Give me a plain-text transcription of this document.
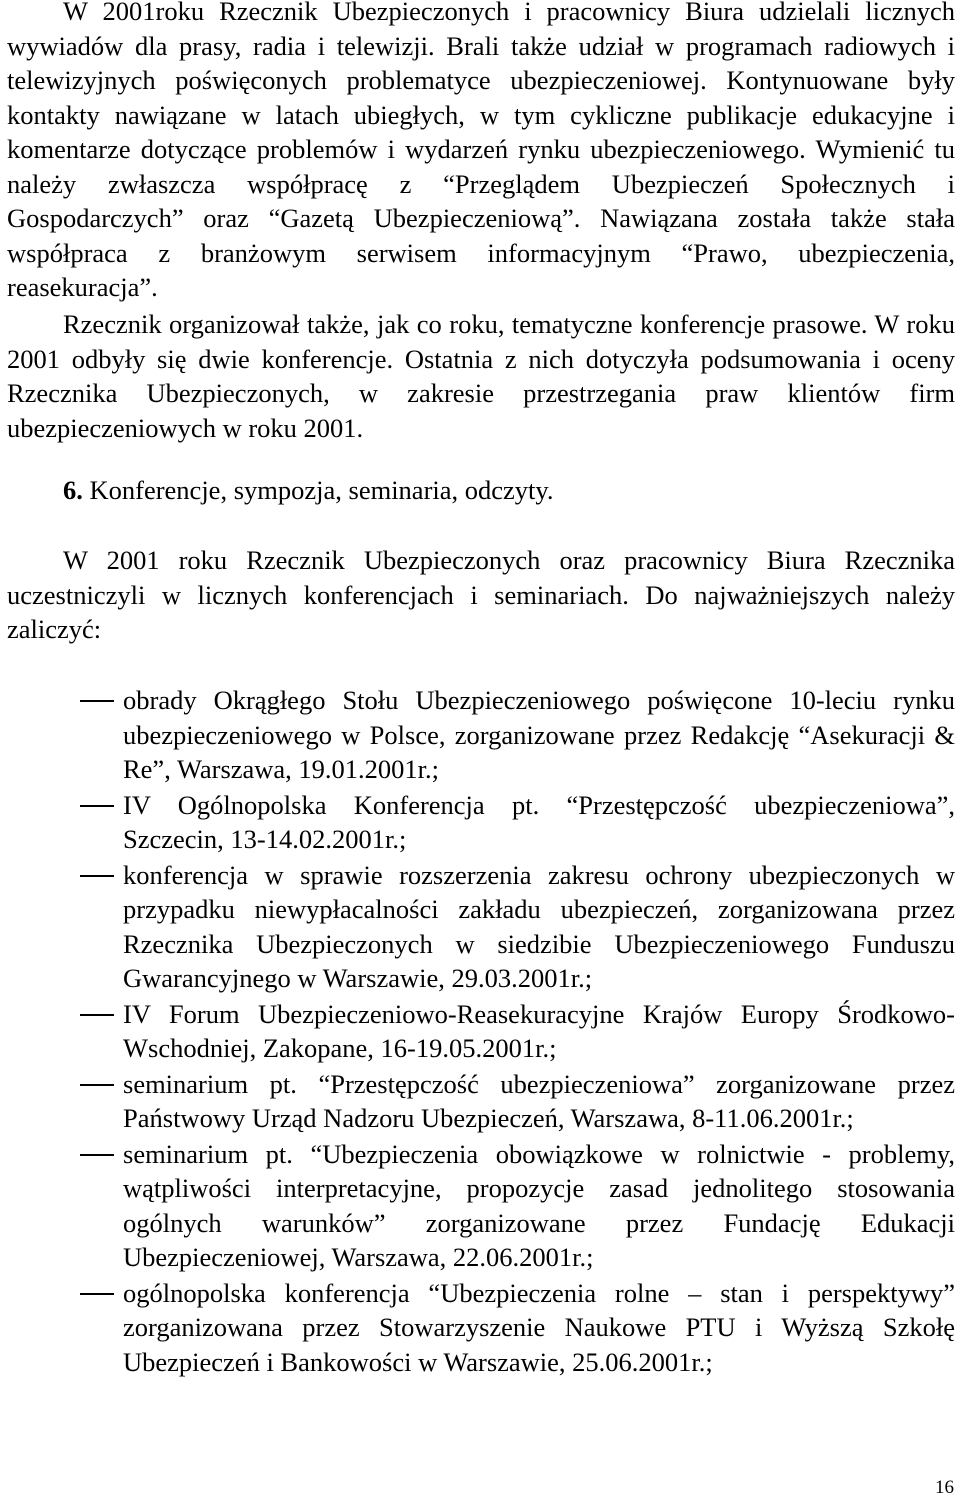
W 2001roku Rzecznik Ubezpieczonych i pracownicy Biura udzielali licznych wywiadów dla prasy, radia i telewizji. Brali także udział w programach radiowych i telewizyjnych poświęconych problematyce ubezpieczeniowej. Kontynuowane były kontakty nawiązane w latach ubiegłych, w tym cykliczne publikacje edukacyjne i komentarze dotyczące problemów i wydarzeń rynku ubezpieczeniowego. Wymienić tu należy zwłaszcza współpracę z “Przeglądem Ubezpieczeń Społecznych i Gospodarczych” oraz “Gazetą Ubezpieczeniową”. Nawiązana została także stała współpraca z branżowym serwisem informacyjnym “Prawo, ubezpieczenia, reasekuracja”.

Rzecznik organizował także, jak co roku, tematyczne konferencje prasowe. W roku 2001 odbyły się dwie konferencje. Ostatnia z nich dotyczyła podsumowania i oceny Rzecznika Ubezpieczonych, w zakresie przestrzegania praw klientów firm ubezpieczeniowych w roku 2001.

6. Konferencje, sympozja, seminaria, odczyty.

W 2001 roku Rzecznik Ubezpieczonych oraz pracownicy Biura Rzecznika uczestniczyli w licznych konferencjach i seminariach. Do najważniejszych należy zaliczyć:

obrady Okrągłego Stołu Ubezpieczeniowego poświęcone 10-leciu rynku ubezpieczeniowego w Polsce, zorganizowane przez Redakcję “Asekuracji & Re”, Warszawa, 19.01.2001r.;
IV Ogólnopolska Konferencja pt. “Przestępczość ubezpieczeniowa”, Szczecin, 13-14.02.2001r.;
konferencja w sprawie rozszerzenia zakresu ochrony ubezpieczonych w przypadku niewypłacalności zakładu ubezpieczeń, zorganizowana przez Rzecznika Ubezpieczonych w siedzibie Ubezpieczeniowego Funduszu Gwarancyjnego w Warszawie, 29.03.2001r.;
IV Forum Ubezpieczeniowo-Reasekuracyjne Krajów Europy Środkowo-Wschodniej, Zakopane, 16-19.05.2001r.;
seminarium pt. “Przestępczość ubezpieczeniowa” zorganizowane przez Państwowy Urząd Nadzoru Ubezpieczeń, Warszawa, 8-11.06.2001r.;
seminarium pt. “Ubezpieczenia obowiązkowe w rolnictwie - problemy, wątpliwości interpretacyjne, propozycje zasad jednolitego stosowania ogólnych warunków” zorganizowane przez Fundację Edukacji Ubezpieczeniowej, Warszawa, 22.06.2001r.;
ogólnopolska konferencja “Ubezpieczenia rolne – stan i perspektywy” zorganizowana przez Stowarzyszenie Naukowe PTU i Wyższą Szkołę Ubezpieczeń i Bankowości w Warszawie, 25.06.2001r.;
16
